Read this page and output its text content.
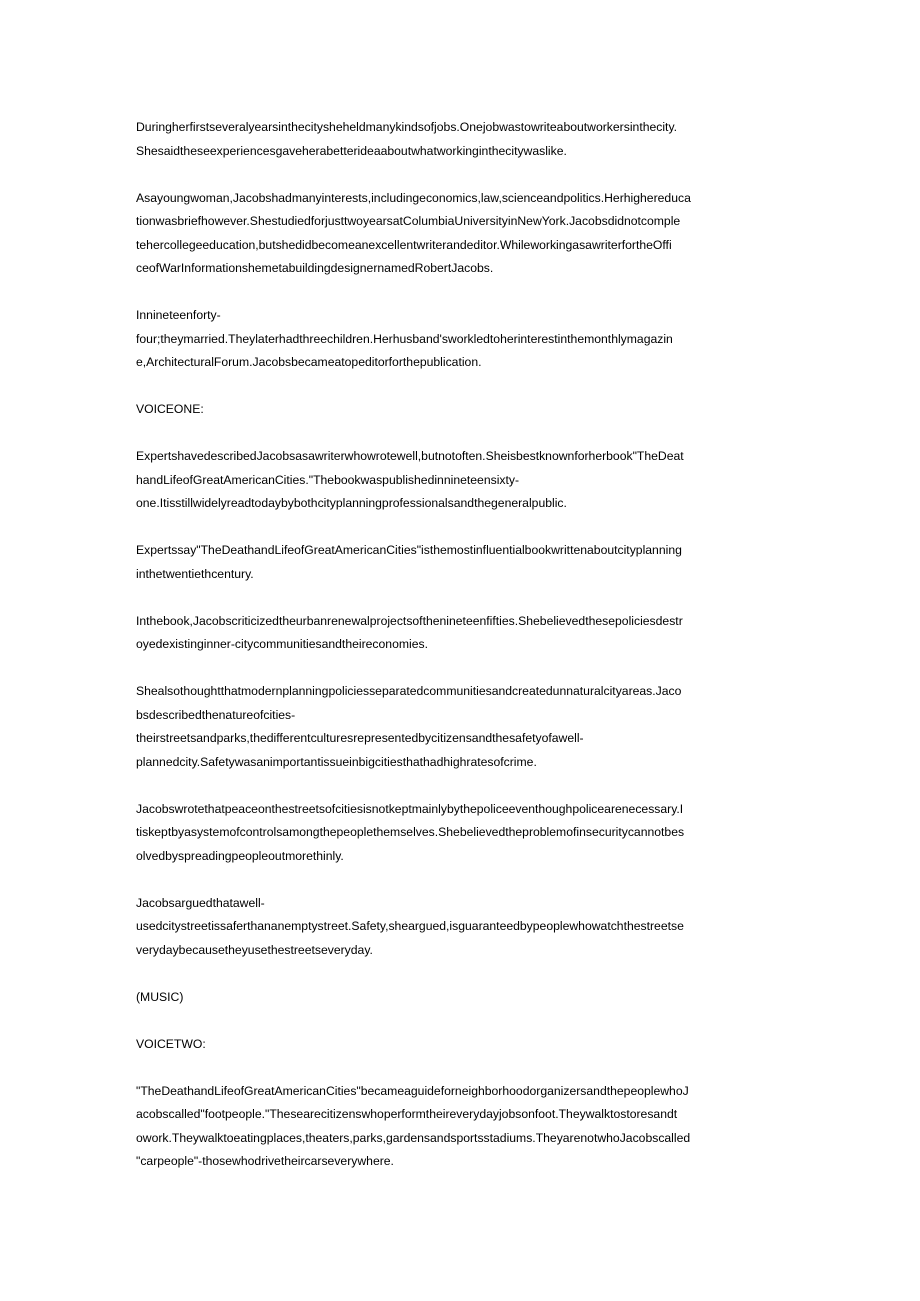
Duringherfirstseveralyearsinthecitysheheldmanykindsofjobs.Onejobwastowriteaboutworkersinthecity.
Shesaidtheseexperiencesgaveherabetterideaaboutwhatworkinginthecitywaslike.

Asayoungwoman,Jacobshadmanyinterests,includingeconomics,law,scienceandpolitics.Herhighereduca
tionwasbriefhowever.ShestudiedforjusttwoyearsatColumbiaUniversityinNewYork.Jacobsdidnotcomple
tehercollegeeducation,butshedidbecomeanexcellentwriterandeditor.WhileworkingasawriterfortheOffi
ceofWarInformationshemetabuildingdesignernamedRobertJacobs.

Innineteenforty-
four;theymarried.Theylaterhadthreechildren.Herhusband'sworkledtoherinterestinthemonthlymagazin
e,ArchitecturalForum.Jacobsbecameatopeditorforthepublication.

VOICEONE:

ExpertshavedescribedJacobsasawriterwhowrotewell,butnotoften.Sheisbestknownforherbook"TheDeat
handLifeofGreatAmericanCities."Thebookwaspublishedinnineteensixty-
one.Itisstillwidelyreadtodaybybothcityplanningprofessionalsandthegeneralpublic.

Expertssay"TheDeathandLifeofGreatAmericanCities"isthemostinfluentialbookwrittenaboutcityplanning
inthetwentiethcentury.

Inthebook,Jacobscriticizedtheurbanrenewalprojectsofthenineteenfifties.Shebelievedthesepoliciesdestr
oyedexistinginner-citycommunitiesandtheireconomies.

Shealsothoughtthatmodernplanningpoliciesseparatedcommunitiesandcreatedunnaturalcityareas.Jaco
bsdescribedthenatureofcities-
theirstreetsandparks,thedifferentculturesrepresentedbycitizensandthesafetyofawell-
plannedcity.Safetywasanimportantissueinbigcitiesthathadhighratesofcrime.

Jacobswrotethatpeaceonthestreetsofcitiesisnotkeptmainlybythepoliceeventhoughpolicearenecessary.I
tiskeptbyasystemofcontrolsamongthepeoplethemselves.Shebelievedtheproblemofinsecuritycannotbes
olvedbyspreadingpeopleoutmorethinly.

Jacobsarguedthatawell-
usedcitystreetissaferthananemptystreet.Safety,sheargued,isguaranteedbypeoplewhowatchthestreetse
verydaybecausetheyusethestreetseveryday.

(MUSIC)

VOICETWO:

"TheDeathandLifeofGreatAmericanCities"becameaguideforneighborhoodorganizersandthepeoplewhoJ
acobscalled"footpeople."Thesearecitizenswhoperformtheireverydayjobsonfoot.Theywalktostoresandt
owork.Theywalktoeatingplaces,theaters,parks,gardensandsportsstadiums.TheyarenotwhoJacobscalled
"carpeople"-thosewhodrivetheircarseverywhere.
